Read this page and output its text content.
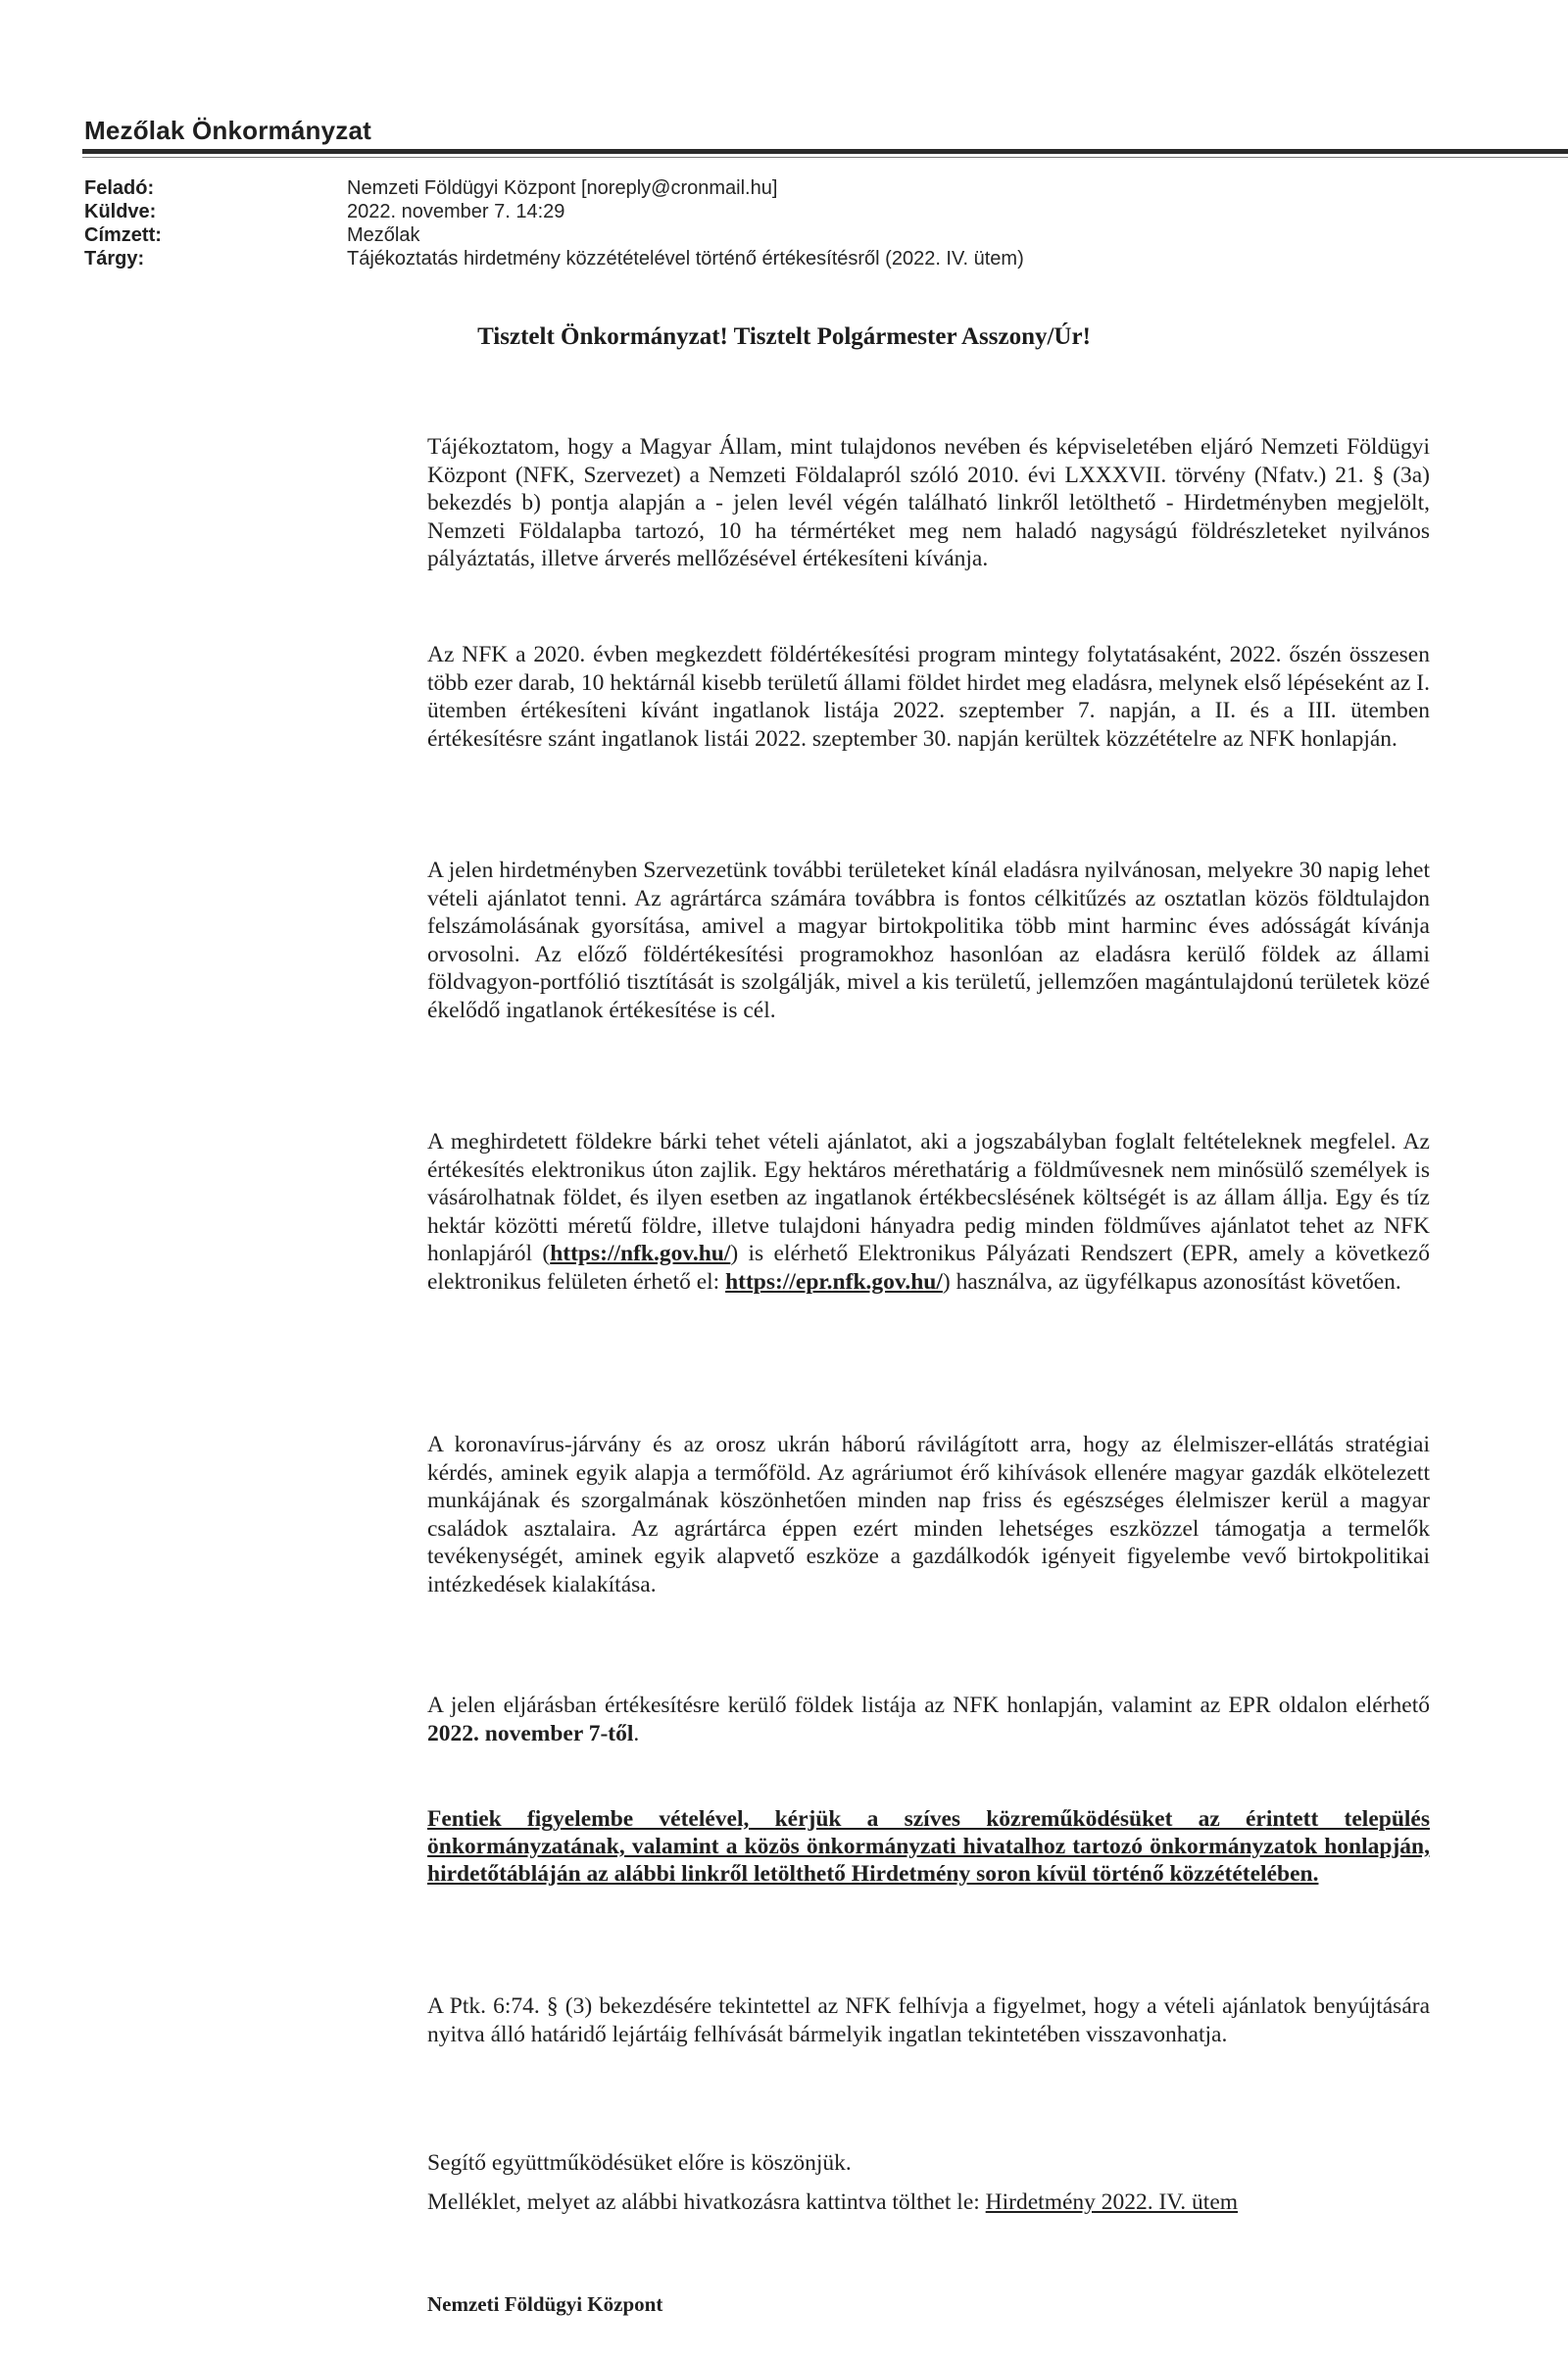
Mezőlak Önkormányzat
Feladó:	Nemzeti Földügyi Központ [noreply@cronmail.hu]
Küldve:	2022. november 7. 14:29
Címzett:	Mezőlak
Tárgy:	Tájékoztatás hirdetmény közzétételével történő értékesítésről (2022. IV. ütem)
Tisztelt Önkormányzat! Tisztelt Polgármester Asszony/Úr!

Tájékoztatom, hogy a Magyar Állam, mint tulajdonos nevében és képviseletében eljáró Nemzeti Földügyi Központ (NFK, Szervezet) a Nemzeti Földalapról szóló 2010. évi LXXXVII. törvény (Nfatv.) 21. § (3a) bekezdés b) pontja alapján a - jelen levél végén található linkről letölthető - Hirdetményben megjelölt, Nemzeti Földalapba tartozó, 10 ha térmértéket meg nem haladó nagyságú földrészleteket nyilvános pályáztatás, illetve árverés mellőzésével értékesíteni kívánja.

Az NFK a 2020. évben megkezdett földértékesítési program mintegy folytatásaként, 2022. őszén összesen több ezer darab, 10 hektárnál kisebb területű állami földet hirdet meg eladásra, melynek első lépéseként az I. ütemben értékesíteni kívánt ingatlanok listája 2022. szeptember 7. napján, a II. és a III. ütemben értékesítésre szánt ingatlanok listái 2022. szeptember 30. napján kerültek közzétételre az NFK honlapján.

A jelen hirdetményben Szervezetünk további területeket kínál eladásra nyilvánosan, melyekre 30 napig lehet vételi ajánlatot tenni. Az agrártárca számára továbbra is fontos célkitűzés az osztatlan közös földtulajdon felszámolásának gyorsítása, amivel a magyar birtokpolitika több mint harminc éves adósságát kívánja orvosolni. Az előző földértékesítési programokhoz hasonlóan az eladásra kerülő földek az állami földvagyon-portfólió tisztítását is szolgálják, mivel a kis területű, jellemzően magántulajdonú területek közé ékelődő ingatlanok értékesítése is cél.

A meghirdetett földekre bárki tehet vételi ajánlatot, aki a jogszabályban foglalt feltételeknek megfelel. Az értékesítés elektronikus úton zajlik. Egy hektáros mérethatárig a földművesnek nem minősülő személyek is vásárolhatnak földet, és ilyen esetben az ingatlanok értékbecslésének költségét is az állam állja. Egy és tíz hektár közötti méretű földre, illetve tulajdoni hányadra pedig minden földműves ajánlatot tehet az NFK honlapjáról (https://nfk.gov.hu/) is elérhető Elektronikus Pályázati Rendszert (EPR, amely a következő elektronikus felületen érhető el: https://epr.nfk.gov.hu/) használva, az ügyfélkapus azonosítást követően.

A koronavírus-járvány és az orosz ukrán háború rávilágított arra, hogy az élelmiszer-ellátás stratégiai kérdés, aminek egyik alapja a termőföld. Az agráriumot érő kihívások ellenére magyar gazdák elkötelezett munkájának és szorgalmának köszönhetően minden nap friss és egészséges élelmiszer kerül a magyar családok asztalaira. Az agrártárca éppen ezért minden lehetséges eszközzel támogatja a termelők tevékenységét, aminek egyik alapvető eszköze a gazdálkodók igényeit figyelembe vevő birtokpolitikai intézkedések kialakítása.

A jelen eljárásban értékesítésre kerülő földek listája az NFK honlapján, valamint az EPR oldalon elérhető 2022. november 7-től.

Fentiek figyelembe vételével, kérjük a szíves közreműködésüket az érintett település önkormányzatának, valamint a közös önkormányzati hivatalhoz tartozó önkormányzatok honlapján, hirdetőtábláján az alábbi linkről letölthető Hirdetmény soron kívül történő közzétételében.

A Ptk. 6:74. § (3) bekezdésére tekintettel az NFK felhívja a figyelmet, hogy a vételi ajánlatok benyújtására nyitva álló határidő lejártáig felhívását bármelyik ingatlan tekintetében visszavonhatja.

Segítő együttműködésüket előre is köszönjük.

Melléklet, melyet az alábbi hivatkozásra kattintva tölthet le: Hirdetmény 2022. IV. ütem

Nemzeti Földügyi Központ
